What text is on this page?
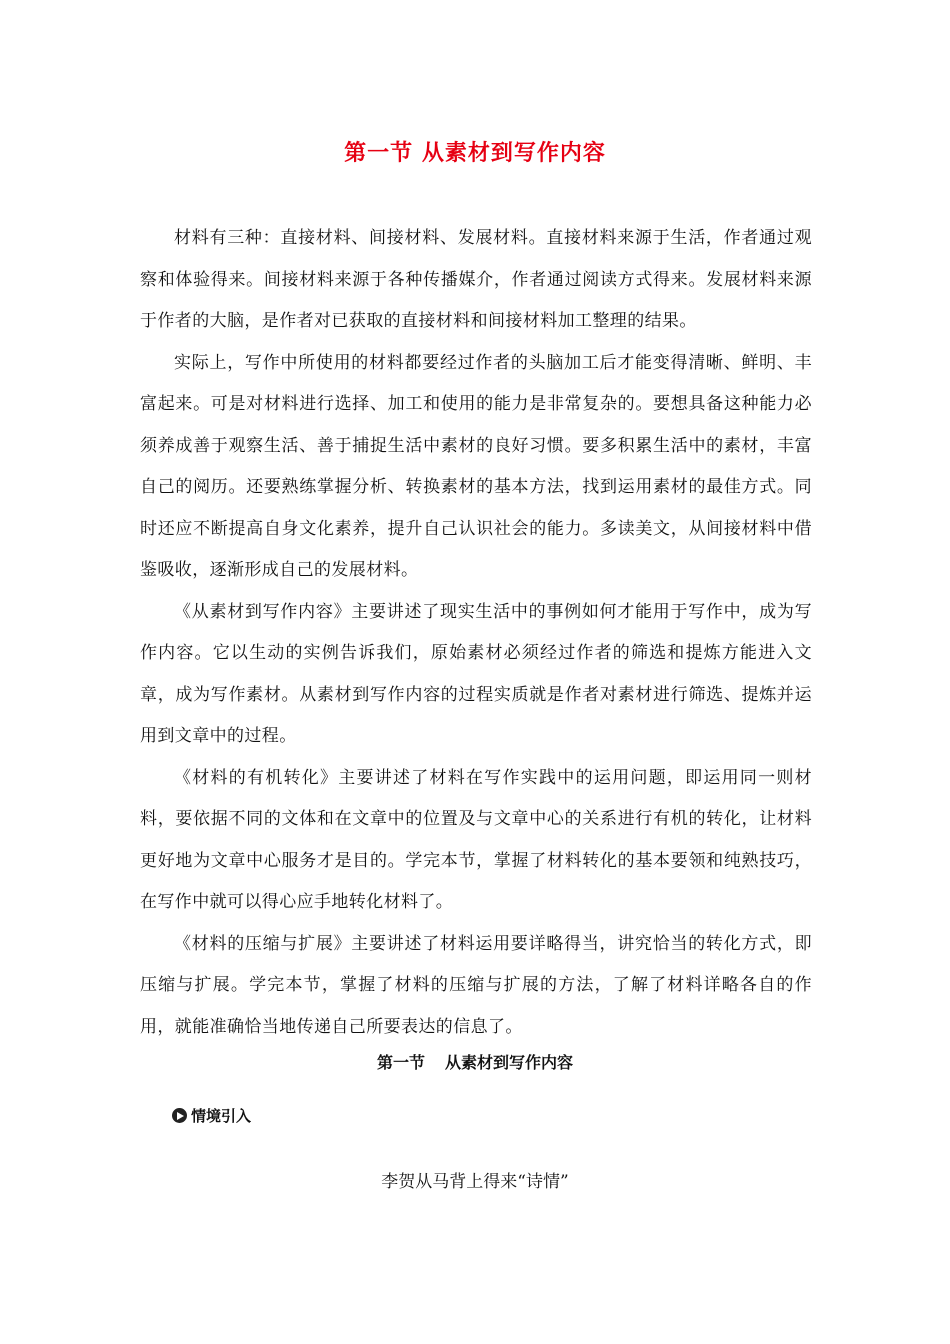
第一节 从素材到写作内容

材料有三种：直接材料、间接材料、发展材料。直接材料来源于生活，作者通过观察和体验得来。间接材料来源于各种传播媒介，作者通过阅读方式得来。发展材料来源于作者的大脑，是作者对已获取的直接材料和间接材料加工整理的结果。

实际上，写作中所使用的材料都要经过作者的头脑加工后才能变得清晰、鲜明、丰富起来。可是对材料进行选择、加工和使用的能力是非常复杂的。要想具备这种能力必须养成善于观察生活、善于捕捉生活中素材的良好习惯。要多积累生活中的素材，丰富自己的阅历。还要熟练掌握分析、转换素材的基本方法，找到运用素材的最佳方式。同时还应不断提高自身文化素养，提升自己认识社会的能力。多读美文，从间接材料中借鉴吸收，逐渐形成自己的发展材料。

《从素材到写作内容》主要讲述了现实生活中的事例如何才能用于写作中，成为写作内容。它以生动的实例告诉我们，原始素材必须经过作者的筛选和提炼方能进入文章，成为写作素材。从素材到写作内容的过程实质就是作者对素材进行筛选、提炼并运用到文章中的过程。

《材料的有机转化》主要讲述了材料在写作实践中的运用问题，即运用同一则材料，要依据不同的文体和在文章中的位置及与文章中心的关系进行有机的转化，让材料更好地为文章中心服务才是目的。学完本节，掌握了材料转化的基本要领和纯熟技巧，在写作中就可以得心应手地转化材料了。

《材料的压缩与扩展》主要讲述了材料运用要详略得当，讲究恰当的转化方式，即压缩与扩展。学完本节，掌握了材料的压缩与扩展的方法，了解了材料详略各自的作用，就能准确恰当地传递自己所要表达的信息了。

第一节 从素材到写作内容
情境引入

李贺从马背上得来“诗情”
